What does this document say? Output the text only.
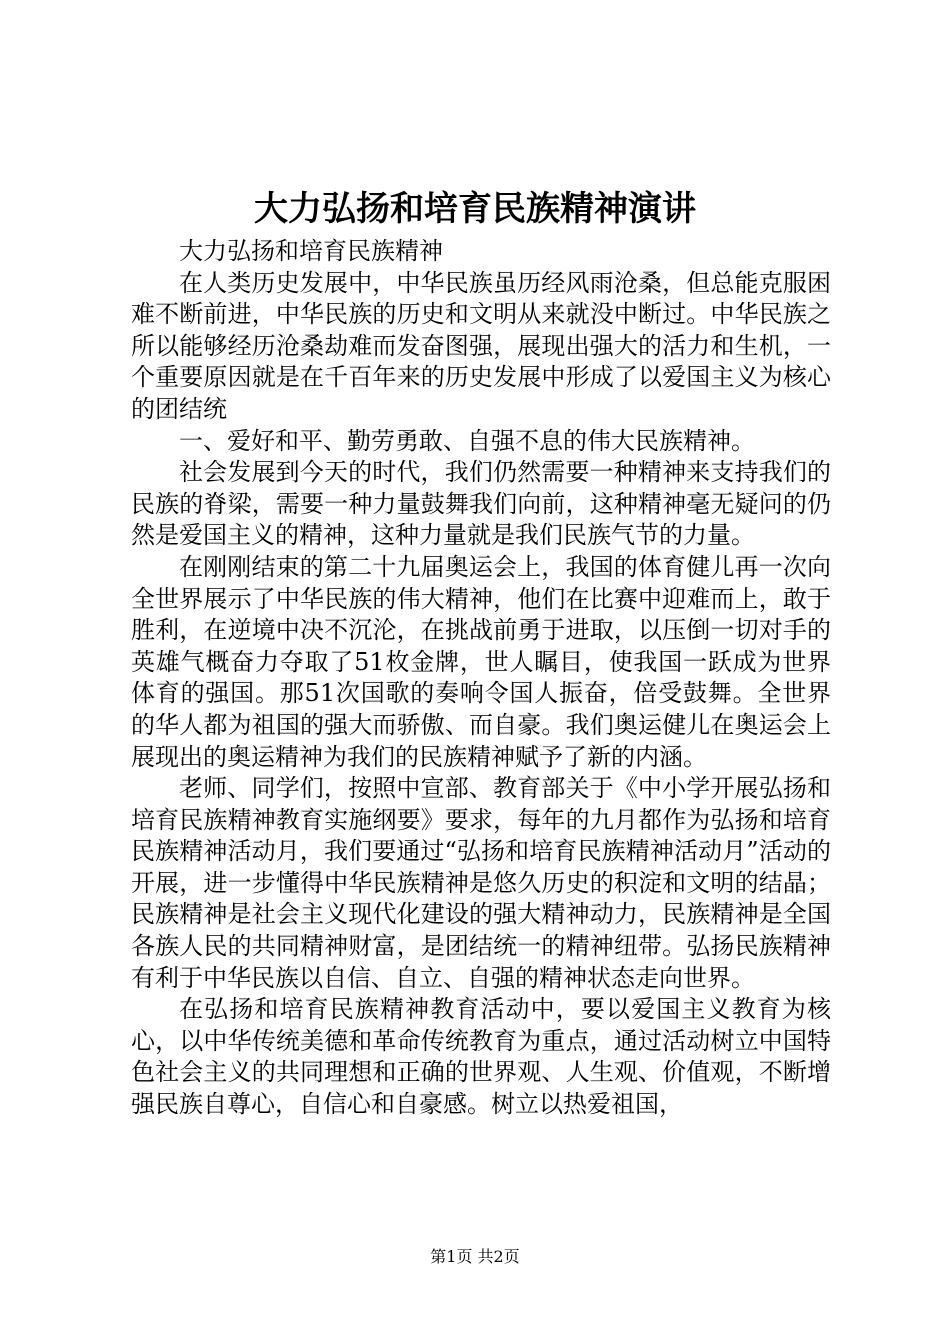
大力弘扬和培育民族精神演讲

大力弘扬和培育民族精神

在人类历史发展中，中华民族虽历经风雨沧桑，但总能克服困难不断前进，中华民族的历史和文明从来就没中断过。中华民族之所以能够经历沧桑劫难而发奋图强，展现出强大的活力和生机，一个重要原因就是在千百年来的历史发展中形成了以爱国主义为核心的团结统

一、爱好和平、勤劳勇敢、自强不息的伟大民族精神。

社会发展到今天的时代，我们仍然需要一种精神来支持我们的民族的脊梁，需要一种力量鼓舞我们向前，这种精神毫无疑问的仍然是爱国主义的精神，这种力量就是我们民族气节的力量。

在刚刚结束的第二十九届奥运会上，我国的体育健儿再一次向全世界展示了中华民族的伟大精神，他们在比赛中迎难而上，敢于胜利，在逆境中决不沉沦，在挑战前勇于进取，以压倒一切对手的英雄气概奋力夺取了51枚金牌，世人瞩目，使我国一跃成为世界体育的强国。那51次国歌的奏响令国人振奋，倍受鼓舞。全世界的华人都为祖国的强大而骄傲、而自豪。我们奥运健儿在奥运会上展现出的奥运精神为我们的民族精神赋予了新的内涵。

老师、同学们，按照中宣部、教育部关于《中小学开展弘扬和培育民族精神教育实施纲要》要求，每年的九月都作为弘扬和培育民族精神活动月，我们要通过“弘扬和培育民族精神活动月”活动的开展，进一步懂得中华民族精神是悠久历史的积淀和文明的结晶；民族精神是社会主义现代化建设的强大精神动力，民族精神是全国各族人民的共同精神财富，是团结统一的精神纽带。弘扬民族精神有利于中华民族以自信、自立、自强的精神状态走向世界。

在弘扬和培育民族精神教育活动中，要以爱国主义教育为核心，以中华传统美德和革命传统教育为重点，通过活动树立中国特色社会主义的共同理想和正确的世界观、人生观、价值观，不断增强民族自尊心，自信心和自豪感。树立以热爱祖国，

第1页 共2页
